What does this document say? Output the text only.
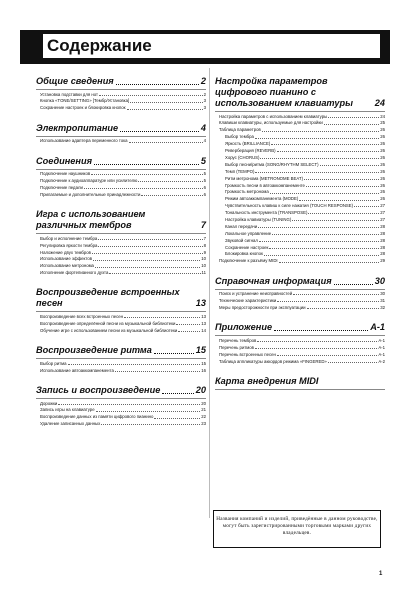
Содержание
Общие сведения	2
Установка подставки для нот	2
Кнопка «TONE/SETTING» [Тембр/Установка]	3
Сохранение настроек и блокировка кнопок	3
Электропитание	4
Использование адаптера переменного тока	4
Соединения	5
Подключение наушников	5
Подключение к аудиоаппаратуре или усилителю	5
Подключение педали	6
Прилагаемые и дополнительные принадлежности	6
Игра с использованием различных тембров	7
Выбор и исполнение тембра	7
Регулировка яркости тембра	8
Наложение двух тембров	9
Использование эффектов	10
Использование метронома	10
Исполнение фортепианного дуэта	11
Воспроизведение встроенных песен	13
Воспроизведение всех встроенных песен	13
Воспроизведение определённой песни из музыкальной библиотеки	13
Обучение игре с использованием песни из музыкальной библиотеки	14
Воспроизведение ритма	15
Выбор ритма	15
Использование автоаккомпанемента	16
Запись и воспроизведение	20
Дорожки	20
Запись игры на клавиатуре	21
Воспроизведение данных из памяти цифрового пианино	22
Удаление записанных данных	23
Настройка параметров цифрового пианино с использованием клавиатуры	24
Настройка параметров с использованием клавиатуры	24
Клавиши клавиатуры, используемые для настройки	25
Таблица параметров	26
Выбор тембра	26
Яркость (BRILLIANCE)	26
Реверберация (REVERB)	26
Хорус (CHORUS)	26
Выбор песни/ритма (SONG/RHYTHM SELECT)	26
Темп (TEMPO)	26
Ритм метронома (METRONOME BEAT)	26
Громкость песни в автоаккомпанементе	26
Громкость метронома	26
Режим автоаккомпанемента (MODE)	26
Чувствительность клавиш к силе нажатия (TOUCH RESPONSE)	27
Тональность инструмента (TRANSPOSE)	27
Настройка клавиатуры (TUNING)	27
Канал передачи	28
Локальное управление	28
Звуковой сигнал	28
Сохранение настроек	28
Блокировка кнопок	28
Подключение к разъёму MIDI	29
Справочная информация	30
Поиск и устранение неисправностей	30
Технические характеристики	31
Меры предосторожности при эксплуатации	32
Приложение	A-1
Перечень тембров	A-1
Перечень ритмов	A-1
Перечень встроенных песен	A-1
Таблица аппликатуры аккордов режима «FINGERED»	A-2
Карта внедрения MIDI
Названия компаний и изделий, приведённые в данном руководстве, могут быть зарегистрированными торговыми марками других владельцев.
1
